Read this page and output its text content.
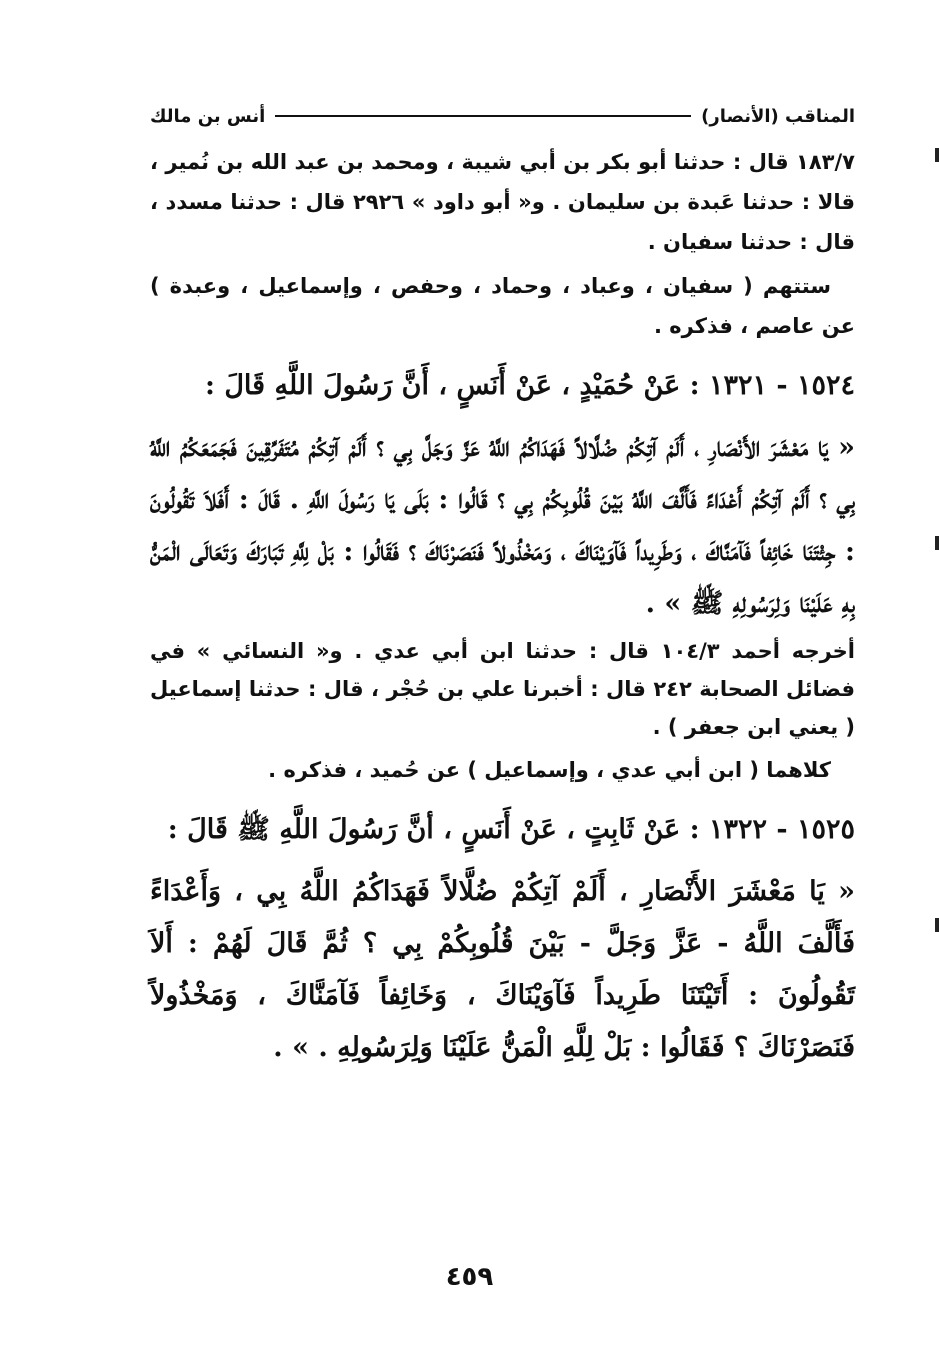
المناقب (الأنصار)
أنس بن مالك

١٨٣/٧ قال : حدثنا أبو بكر بن أبي شيبة ، ومحمد بن عبد الله بن نُمير ، قالا : حدثنا عَبدة بن سليمان . و« أبو داود » ٢٩٢٦ قال : حدثنا مسدد ، قال : حدثنا سفيان .

ستتهم ( سفيان ، وعباد ، وحماد ، وحفص ، وإسماعيل ، وعبدة ) عن عاصم ، فذكره .

١٥٢٤ - ١٣٢١ : عَنْ حُمَيْدٍ ، عَنْ أَنَسٍ ، أَنَّ رَسُولَ اللَّهِ قَالَ :

« يَا مَعْشَرَ الأَنْصَارِ ، أَلَمْ آتِكُمْ ضُلَّالاً فَهَدَاكُمُ اللَّهُ عَزَّ وَجَلَّ بِي ؟ أَلَمْ آتِكُمْ مُتَفَرِّقِينَ فَجَمَعَكُمُ اللَّهُ بِي ؟ أَلَمْ آتِكُمْ أَعْدَاءً فَأَلَّفَ اللَّهُ بَيْنَ قُلُوبِكُمْ بِي ؟ قَالُوا : بَلَى يَا رَسُولَ اللَّهِ . قَالَ : أَفَلاَ تَقُولُونَ : جِئْتَنَا خَائِفاً فَآمَنَّاكَ ، وَطَرِيداً فَآوَيْنَاكَ ، وَمَخْذُولاً فَنَصَرْنَاكَ ؟ فَقَالُوا : بَلْ لِلَّهِ تَبَارَكَ وَتَعَالَى الْمَنُّ بِهِ عَلَيْنَا وَلِرَسُولِهِ ﷺ » .

أخرجه أحمد ١٠٤/٣ قال : حدثنا ابن أبي عدي . و« النسائي » في فضائل الصحابة ٢٤٢ قال : أخبرنا علي بن حُجْر ، قال : حدثنا إسماعيل ( يعني ابن جعفر ) .

كلاهما ( ابن أبي عدي ، وإسماعيل ) عن حُميد ، فذكره .

١٥٢٥ - ١٣٢٢ : عَنْ ثَابِتٍ ، عَنْ أَنَسٍ ، أنَّ رَسُولَ اللَّهِ ﷺ قَالَ :

« يَا مَعْشَرَ الأَنْصَارِ ، أَلَمْ آتِكُمْ ضُلَّالاً فَهَدَاكُمُ اللَّهُ بِي ، وَأَعْدَاءً فَأَلَّفَ اللَّهُ - عَزَّ وَجَلَّ - بَيْنَ قُلُوبِكُمْ بِي ؟ ثُمَّ قَالَ لَهُمْ : أَلاَ تَقُولُونَ : أَتَيْتَنَا طَرِيداً فَآوَيْنَاكَ ، وَخَائِفاً فَآمَنَّاكَ ، وَمَخْذُولاً فَنَصَرْنَاكَ ؟ فَقَالُوا : بَلْ لِلَّهِ الْمَنُّ عَلَيْنَا وَلِرَسُولِهِ . » .

٤٥٩
